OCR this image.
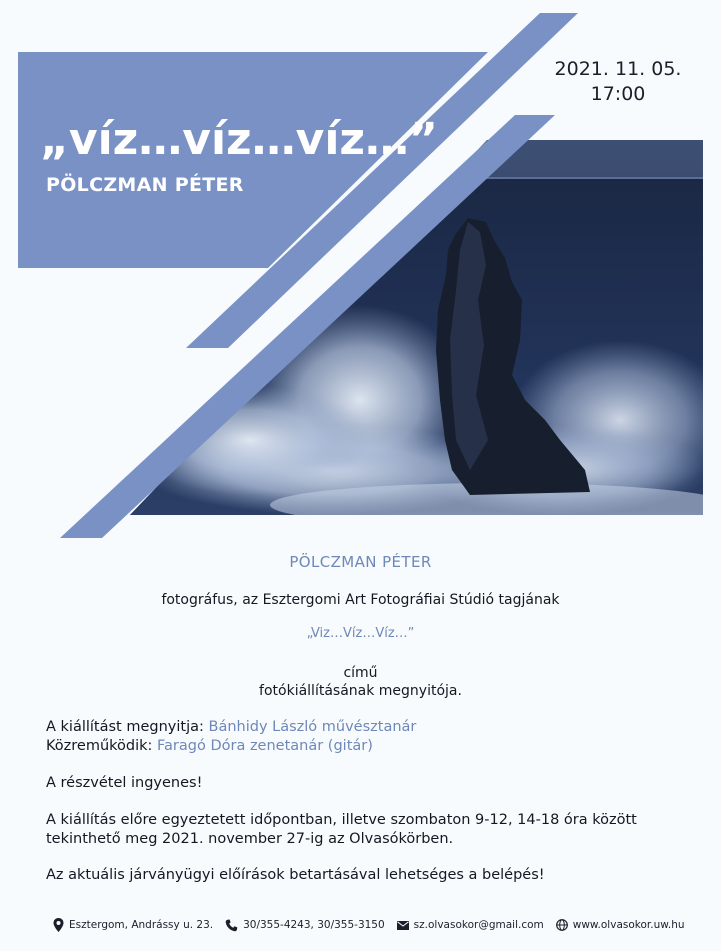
2021. 11. 05.
17:00
„víz…víz…víz…”
PÖLCZMAN PÉTER
PÖLCZMAN PÉTER
fotográfus, az Esztergomi Art Fotográfiai Stúdió tagjának
„Viz…Víz…Víz…”
című
fotókiállításának megnyitója.
A kiállítást megnyitja: Bánhidy László művésztanár
Közreműködik: Faragó Dóra zenetanár (gitár)
A részvétel ingyenes!
A kiállítás előre egyeztetett időpontban, illetve szombaton 9-12, 14-18 óra között tekinthető meg 2021. november 27-ig az Olvasókörben.
Az aktuális járványügyi előírások betartásával lehetséges a belépés!
Esztergom, Andrássy u. 23.	30/355-4243, 30/355-3150	sz.olvasokor@gmail.com	www.olvasokor.uw.hu
